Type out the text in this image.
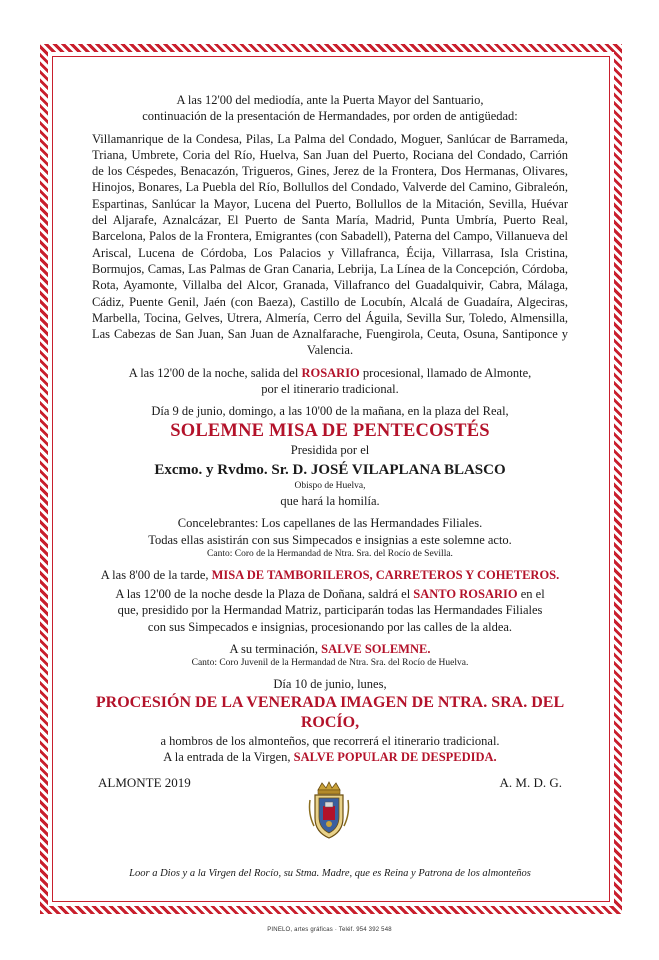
A las 12'00 del mediodía, ante la Puerta Mayor del Santuario,

continuación de la presentación de Hermandades, por orden de antigüedad:

Villamanrique de la Condesa, Pilas, La Palma del Condado, Moguer, Sanlúcar de Barrameda, Triana, Umbrete, Coria del Río, Huelva, San Juan del Puerto, Rociana del Condado, Carrión de los Céspedes, Benacazón, Trigueros, Gines, Jerez de la Frontera, Dos Hermanas, Olivares, Hinojos, Bonares, La Puebla del Río, Bollullos del Condado, Valverde del Camino, Gibraleón, Espartinas, Sanlúcar la Mayor, Lucena del Puerto, Bollullos de la Mitación, Sevilla, Huévar del Aljarafe, Aznalcázar, El Puerto de Santa María, Madrid, Punta Umbría, Puerto Real, Barcelona, Palos de la Frontera, Emigrantes (con Sabadell), Paterna del Campo, Villanueva del Ariscal, Lucena de Córdoba, Los Palacios y Villafranca, Écija, Villarrasa, Isla Cristina, Bormujos, Camas, Las Palmas de Gran Canaria, Lebrija, La Línea de la Concepción, Córdoba, Rota, Ayamonte, Villalba del Alcor, Granada, Villafranco del Guadalquivir, Cabra, Málaga, Cádiz, Puente Genil, Jaén (con Baeza), Castillo de Locubín, Alcalá de Guadaíra, Algeciras, Marbella, Tocina, Gelves, Utrera, Almería, Cerro del Águila, Sevilla Sur, Toledo, Almensilla, Las Cabezas de San Juan, San Juan de Aznalfarache, Fuengirola, Ceuta, Osuna, Santiponce y Valencia.

A las 12'00 de la noche, salida del ROSARIO procesional, llamado de Almonte,

por el itinerario tradicional.

Día 9 de junio, domingo, a las 10'00 de la mañana, en la plaza del Real,

SOLEMNE MISA DE PENTECOSTÉS

Presidida por el

Excmo. y Rvdmo. Sr. D. JOSÉ VILAPLANA BLASCO

Obispo de Huelva,

que hará la homilía.

Concelebrantes: Los capellanes de las Hermandades Filiales.

Todas ellas asistirán con sus Simpecados e insignias a este solemne acto.

Canto: Coro de la Hermandad de Ntra. Sra. del Rocío de Sevilla.

A las 8'00 de la tarde, MISA DE TAMBORILEROS, CARRETEROS Y COHETEROS.

A las 12'00 de la noche desde la Plaza de Doñana, saldrá el SANTO ROSARIO en el

que, presidido por la Hermandad Matriz, participarán todas las Hermandades Filiales

con sus Simpecados e insignias, procesionando por las calles de la aldea.

A su terminación, SALVE SOLEMNE.

Canto: Coro Juvenil de la Hermandad de Ntra. Sra. del Rocío de Huelva.

Día 10 de junio, lunes,

PROCESIÓN DE LA VENERADA IMAGEN DE NTRA. SRA. DEL ROCÍO,

a hombros de los almonteños, que recorrerá el itinerario tradicional.

A la entrada de la Virgen, SALVE POPULAR DE DESPEDIDA.

ALMONTE 2019	A. M. D. G.

Loor a Dios y a la Virgen del Rocío, su Stma. Madre, que es Reina y Patrona de los almonteños

PINELO, artes gráficas · Teléf. 954 392 548
